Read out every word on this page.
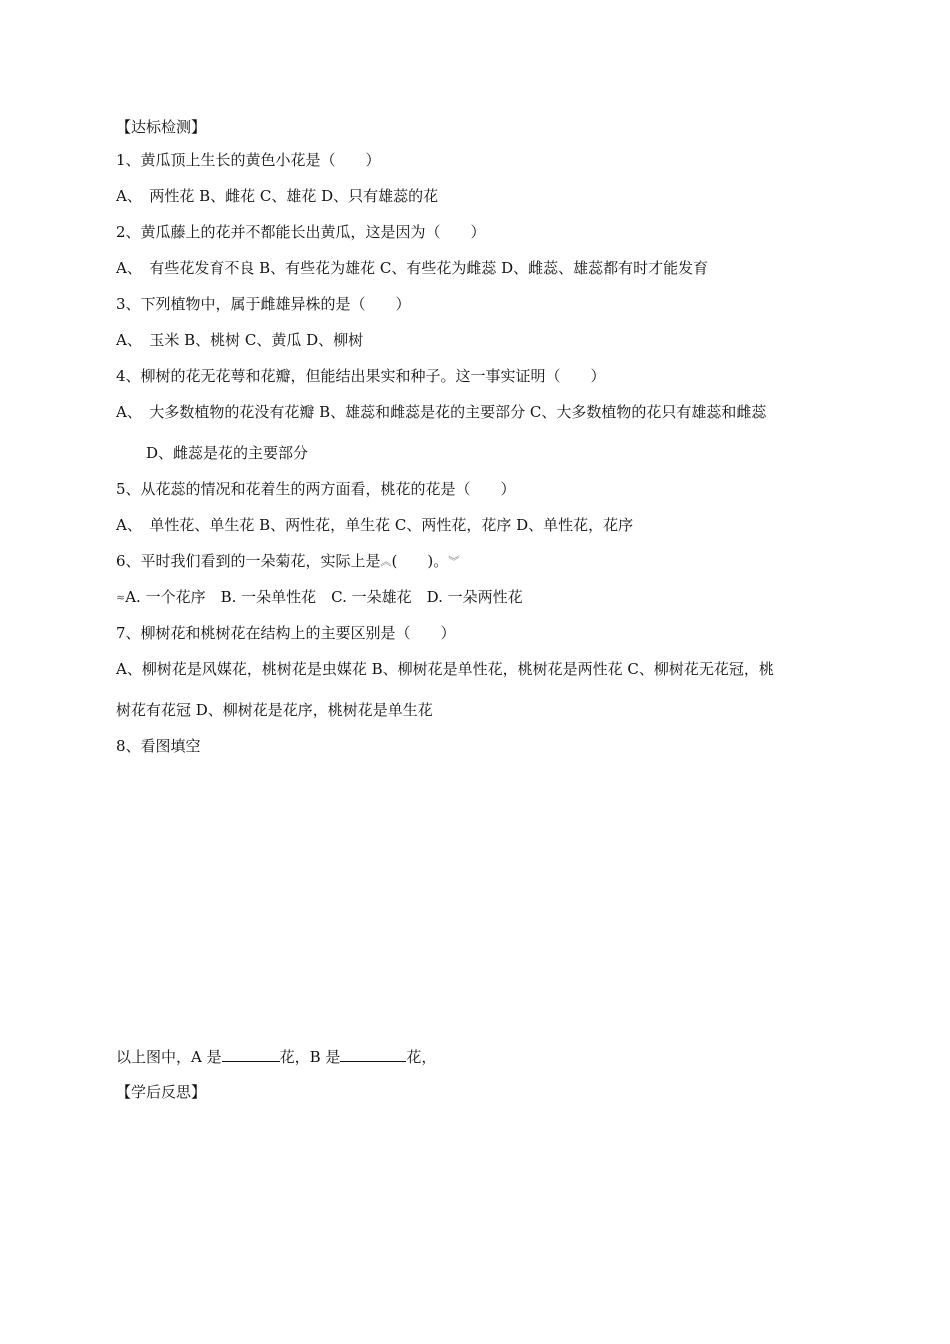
【达标检测】
1、黄瓜顶上生长的黄色小花是（　　）
A、　两性花 B、雌花 C、雄花 D、只有雄蕊的花
2、黄瓜藤上的花并不都能长出黄瓜，这是因为（　　）
A、　有些花发育不良 B、有些花为雄花 C、有些花为雌蕊 D、雌蕊、雄蕊都有时才能发育
3、下列植物中，属于雌雄异株的是（　　）
A、　玉米 B、桃树 C、黄瓜 D、柳树
4、柳树的花无花萼和花瓣，但能结出果实和种子。这一事实证明（　　）
A、　大多数植物的花没有花瓣 B、雄蕊和雌蕊是花的主要部分 C、大多数植物的花只有雄蕊和雌蕊
D、雌蕊是花的主要部分
5、从花蕊的情况和花着生的两方面看，桃花的花是（　　）
A、　单性花、单生花 B、两性花，单生花 C、两性花，花序 D、单性花，花序
6、平时我们看到的一朵菊花，实际上是︽(　　)。︾
≈A. 一个花序　B. 一朵单性花　C. 一朵雄花　D. 一朵两性花
7、柳树花和桃树花在结构上的主要区别是（　　）
A、柳树花是风媒花，桃树花是虫媒花 B、柳树花是单性花，桃树花是两性花 C、柳树花无花冠，桃
树花有花冠 D、柳树花是花序，桃树花是单生花
8、看图填空
以上图中，A 是	花，B 是	花，
【学后反思】
